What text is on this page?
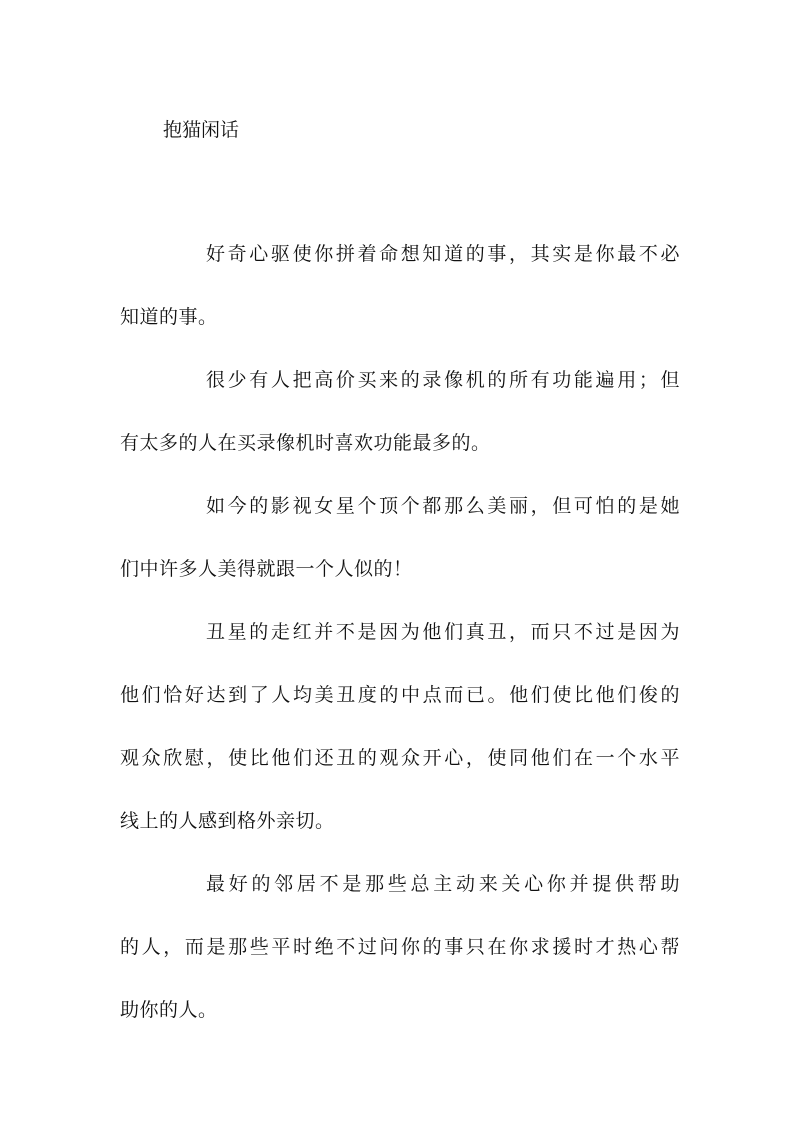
抱猫闲话
好奇心驱使你拼着命想知道的事，其实是你最不必
知道的事。
很少有人把高价买来的录像机的所有功能遍用；但
有太多的人在买录像机时喜欢功能最多的。
如今的影视女星个顶个都那么美丽，但可怕的是她
们中许多人美得就跟一个人似的！
丑星的走红并不是因为他们真丑，而只不过是因为
他们恰好达到了人均美丑度的中点而已。他们使比他们俊的
观众欣慰，使比他们还丑的观众开心，使同他们在一个水平
线上的人感到格外亲切。
最好的邻居不是那些总主动来关心你并提供帮助
的人，而是那些平时绝不过问你的事只在你求援时才热心帮
助你的人。
